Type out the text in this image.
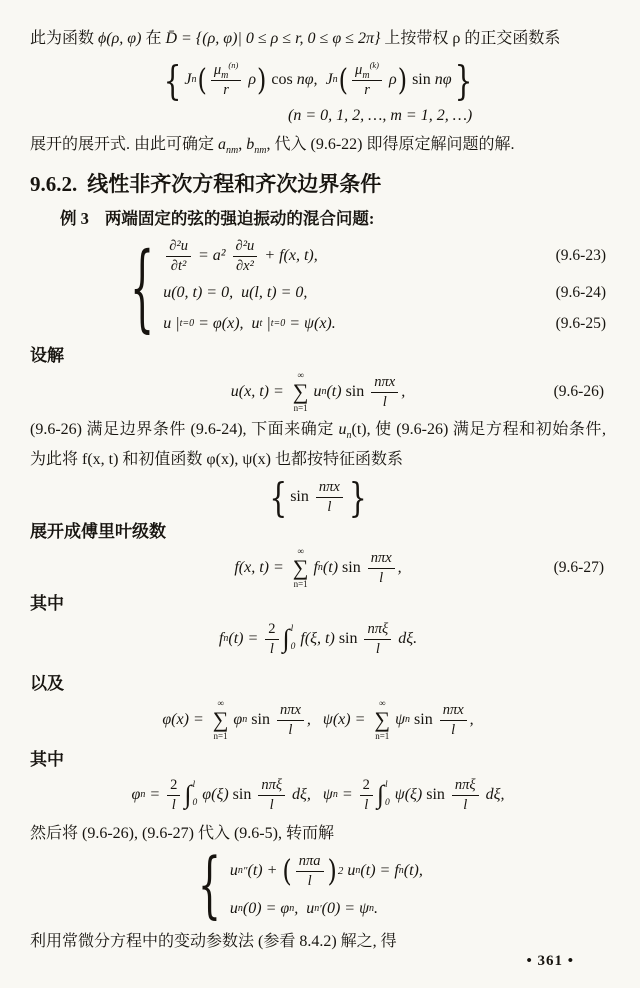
此为函数 ϕ(ρ, φ) 在 D̄ = {(ρ, φ)| 0 ≤ ρ ≤ r, 0 ≤ φ ≤ 2π} 上按带权 ρ 的正交函数系

{ J n ( $\frac{\mu_m^{(n)}}{r}$ ρ ) cos nφ, J n ( $\frac{\mu_m^{(k)}}{r}$ ρ ) sin nφ }
(n = 0, 1, 2, …, m = 1, 2, …)

展开的展开式. 由此可确定 $a_{nm}$, $b_{nm}$, 代入 (9.6-22) 即得原定解问题的解.

9.6.2. 线性非齐次方程和齐次边界条件
例 3 两端固定的弦的强迫振动的混合问题:
{ $\frac{\text{∂²u}}{\text{∂t²}} = a^2 \frac{\text{∂²u}}{\text{∂x²}} + f(x$, t),	(9.6-23)
u(0, t) = 0,  u(l, t) = 0,	(9.6-24)
u | t=0 = φ(x),  u t | t=0 = ψ(x).	(9.6-25)

设解

u(x, t) =
∞
∑
n=1
u n (t) $\sin \frac{\text{nπx}}{l}$ ,	(9.6-26)

(9.6-26) 满足边界条件 (9.6-24), 下面来确定 $u_n(t)$, 使 (9.6-26) 满足方程和初始条件, 为此将 f(x, t) 和初值函数 φ(x), ψ(x) 也都按特征函数系

{ $\sin \frac{\text{nπx}}{l}$ }

展开成傅里叶级数

f(x, t) =
∞
∑
n=1
f n (t) $\sin \frac{\text{nπx}}{l}$ ,	(9.6-27)

其中

f n $(t) = \frac{2}{l}$ ∫ l
0 f(ξ, t) $\sin \frac{\text{nπξ}}{l} d\xi$.

以及

φ(x) =
∞
∑
n=1
φ n $\sin \frac{\text{nπx}}{l}$ ,   ψ(x) =
∞
∑
n=1
ψ n $\sin \frac{\text{nπx}}{l}$ ,

其中

φ $n = \frac{2}{l}$ ∫ l
0 φ(ξ) $\sin \frac{\text{nπξ}}{l} d\xi$, ψ $n = \frac{2}{l}$ ∫ l
0 ψ(ξ) $\sin \frac{\text{nπξ}}{l} d\xi$,

然后将 (9.6-26), (9.6-27) 代入 (9.6-5), 转而解

{ u n ″ (t) + ( $\frac{\text{nπa}}{l}$ ) 2 u n (t) = f n (t),
u n (0) = φ n ,  u n ′ (0) = ψ n .

利用常微分方程中的变动参数法 (参看 8.4.2) 解之, 得

• 361 •
